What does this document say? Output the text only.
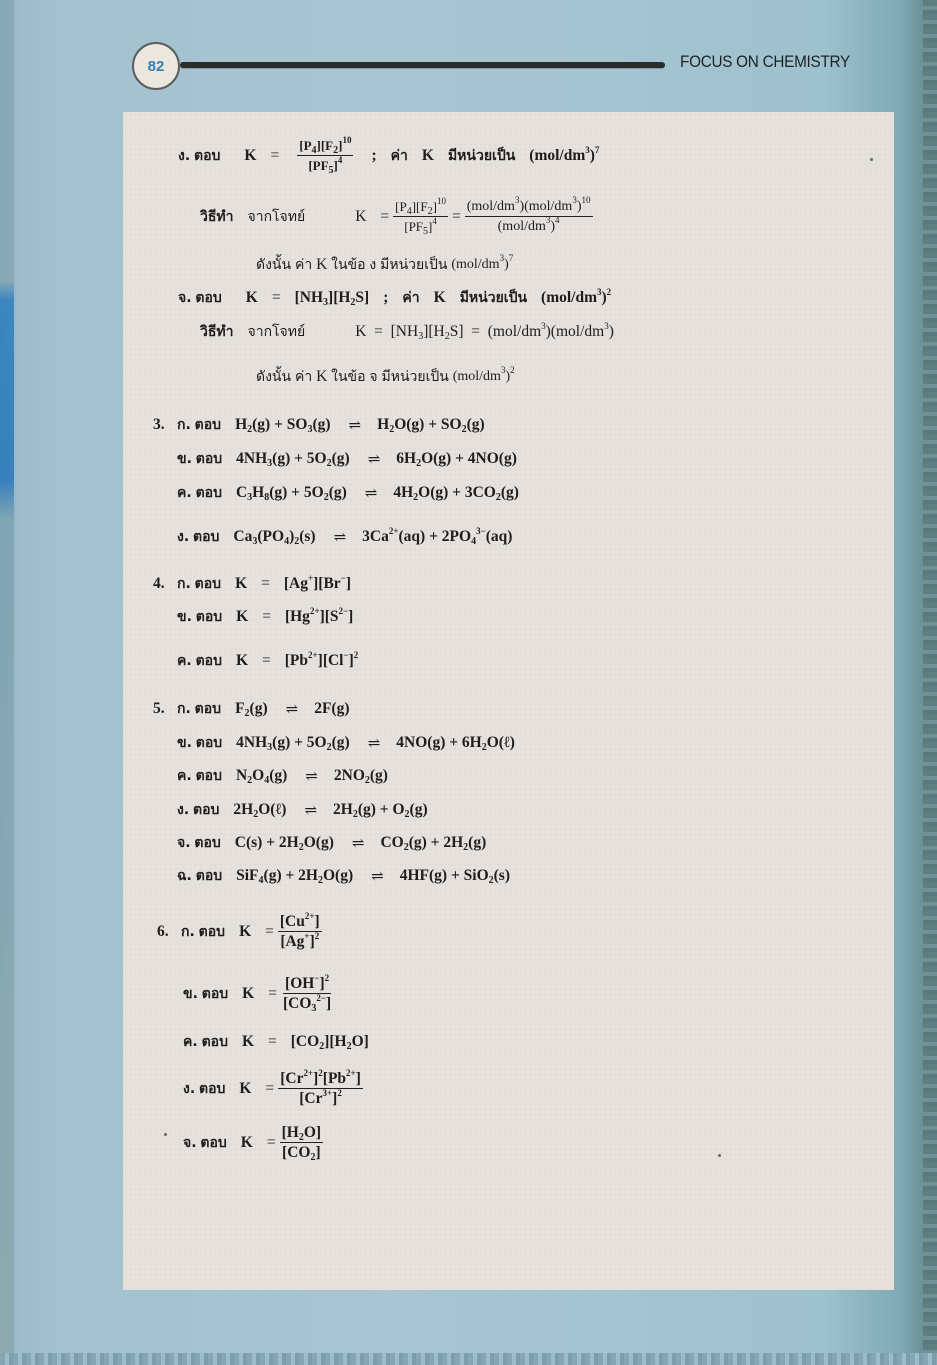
82	FOCUS ON CHEMISTRY
ง.
ตอบ $K = \frac{[P_4][F_2]^{10}}{[PF_5]^4}$ ; ค่า K มีหน่วยเป็น $(mol/dm^3)^7$
วิธีทำ จากโจทย์	$K = \frac{[P_4][F_2]^{10}}{[PF_5]^4} = \frac{(mol/dm^3)(mol/dm^3)^{10}}{(mol/dm^3)^4}$
ดังนั้น
ค่า K ในข้อ
ง
มีหน่วยเป็น
$(mol/dm^3)^7$
จ.
ตอบ $K = [NH_3][H_2S]$ ; ค่า K มีหน่วยเป็น $(mol/dm^3)^2$
วิธีทำ จากโจทย์	$K = [NH_3][H_2S] = (mol/dm^3)(mol/dm^3)$
ดังนั้น
ค่า K ในข้อ
จ
มีหน่วยเป็น
$(mol/dm^3)^2$
3. ก.
ตอบ $H_2(g) + SO_3(g)$ ⇌ $H_2O(g) + SO_2(g)$
ข.
ตอบ $4NH_3(g) + 5O_2(g)$ ⇌ $6H_2O(g) + 4NO(g)$
ค.
ตอบ $C_3H_8(g) + 5O_2(g)$ ⇌ $4H_2O(g) + 3CO_2(g)$
ง.
ตอบ $Ca_3(PO_4)_2(s)$ ⇌ $3Ca^{2+}(aq) + 2PO_4^{3-}(aq)$
4. ก.
ตอบ K = [Ag+][Br−]
ข.
ตอบ $K = [Hg^{2+}][S^{2-}]$
ค.
ตอบ $K = [Pb^{2+}][Cl^-]^2$
5. ก.
ตอบ $F_2(g)$ ⇌ 2F(g)
ข.
ตอบ $4NH_3(g) + 5O_2(g)$ ⇌ $4NO(g) + 6H_2O(\ell)$
ค.
ตอบ $N_2O_4(g)$ ⇌ $2NO_2(g)$
ง.
ตอบ $2H_2O(\ell)$ ⇌ $2H_2(g) + O_2(g)$
จ.
ตอบ $C(s) + 2H_2O(g)$ ⇌ $CO_2(g) + 2H_2(g)$
ฉ.
ตอบ $SiF_4(g) + 2H_2O(g)$ ⇌ 4HF(g) + SiO$_2$(s)
6. ก.
ตอบ $K = \frac{[Cu^{2+}]}{[Ag^+]^2}$
ข.
ตอบ $K = \frac{[OH^-]^2}{[CO_3^{2-}]}$
ค.
ตอบ $K = [CO_2][H_2O]$
ง.
ตอบ $K = \frac{[Cr^{2+}]^2[Pb^{2+}]}{[Cr^{3+}]^2}$
จ.
ตอบ $K = \frac{[H_2O]}{[CO_2]}$
